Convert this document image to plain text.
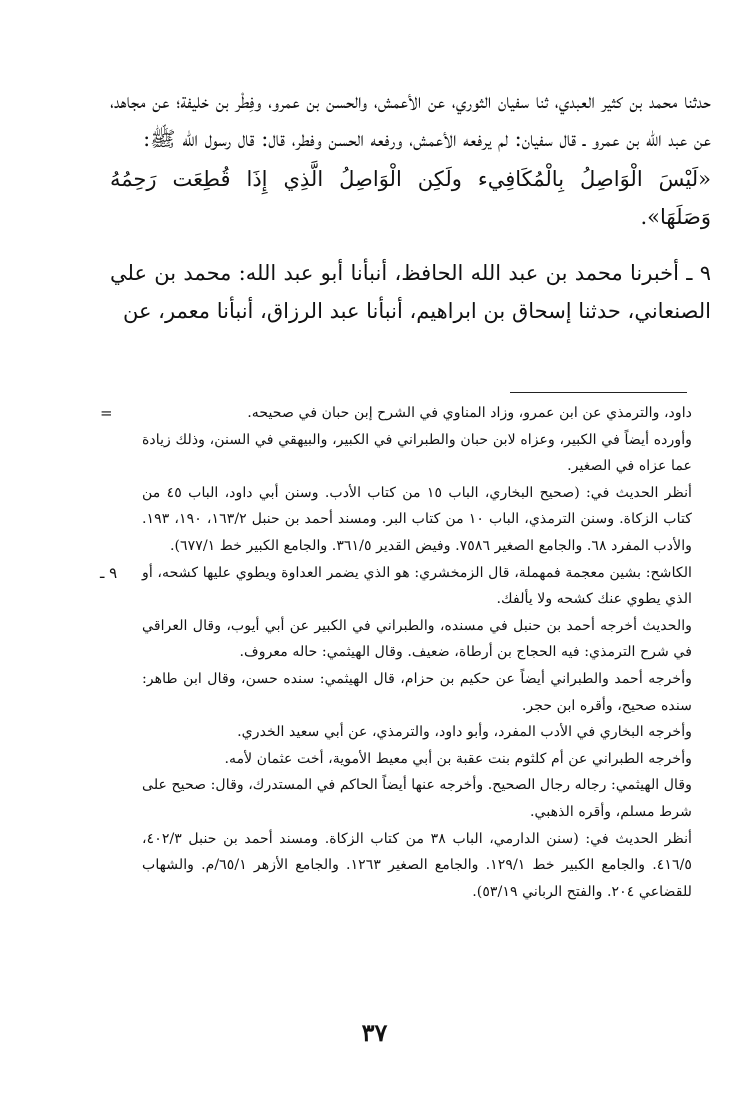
حدثنا محمد بن كثير العبدي، ثنا سفيان الثوري، عن الأعمش، والحسن بن عمرو، وفِطْر بن خليفة؛ عن مجاهد، عن عبد الله بن عمرو ـ قال سفيان: لم يرفعه الأعمش، ورفعه الحسن وفطر، قال: قال رسول الله ﷺ:

«لَيْسَ الْوَاصِلُ بِالْمُكَافِيء ولَكِن الْوَاصِلُ الَّذِي إِذَا قُطِعَت رَحِمُهُ وَصَلَهَا».

٩ ـ أخبرنا محمد بن عبد الله الحافظ، أنبأنا أبو عبد الله: محمد بن علي الصنعاني، حدثنا إسحاق بن ابراهيم، أنبأنا عبد الرزاق، أنبأنا معمر، عن

داود، والترمذي عن ابن عمرو، وزاد المناوي في الشرح إبن حبان في صحيحه.

وأورده أيضاً في الكبير، وعزاه لابن حبان والطبراني في الكبير، والبيهقي في السنن، وذلك زيادة عما عزاه في الصغير.

أنظر الحديث في: (صحيح البخاري، الباب ١٥ من كتاب الأدب. وسنن أبي داود، الباب ٤٥ من كتاب الزكاة. وسنن الترمذي، الباب ١٠ من كتاب البر. ومسند أحمد بن حنبل ١٦٣/٢، ١٩٠، ١٩٣. والأدب المفرد ٦٨. والجامع الصغير ٧٥٨٦. وفيض القدير ٣٦١/٥. والجامع الكبير خط ٦٧٧/١).

=

الكاشح: بشين معجمة فمهملة، قال الزمخشري: هو الذي يضمر العداوة ويطوي عليها كشحه، أو الذي يطوي عنك كشحه ولا يألفك.

والحديث أخرجه أحمد بن حنبل في مسنده، والطبراني في الكبير عن أبي أيوب، وقال العراقي في شرح الترمذي: فيه الحجاج بن أرطاة، ضعيف. وقال الهيثمي: حاله معروف.

وأخرجه أحمد والطبراني أيضاً عن حكيم بن حزام، قال الهيثمي: سنده حسن، وقال ابن طاهر: سنده صحيح، وأقره ابن حجر.

وأخرجه البخاري في الأدب المفرد، وأبو داود، والترمذي، عن أبي سعيد الخدري.

وأخرجه الطبراني عن أم كلثوم بنت عقبة بن أبي معيط الأموية، أخت عثمان لأمه.

وقال الهيثمي: رجاله رجال الصحيح. وأخرجه عنها أيضاً الحاكم في المستدرك، وقال: صحيح على شرط مسلم، وأقره الذهبي.

أنظر الحديث في: (سنن الدارمي، الباب ٣٨ من كتاب الزكاة. ومسند أحمد بن حنبل ٤٠٢/٣، ٤١٦/٥. والجامع الكبير خط ١٢٩/١. والجامع الصغير ١٢٦٣. والجامع الأزهر ٦٥/١/م. والشهاب للقضاعي ٢٠٤. والفتح الرباني ٥٣/١٩).

٩ ـ
٣٧
